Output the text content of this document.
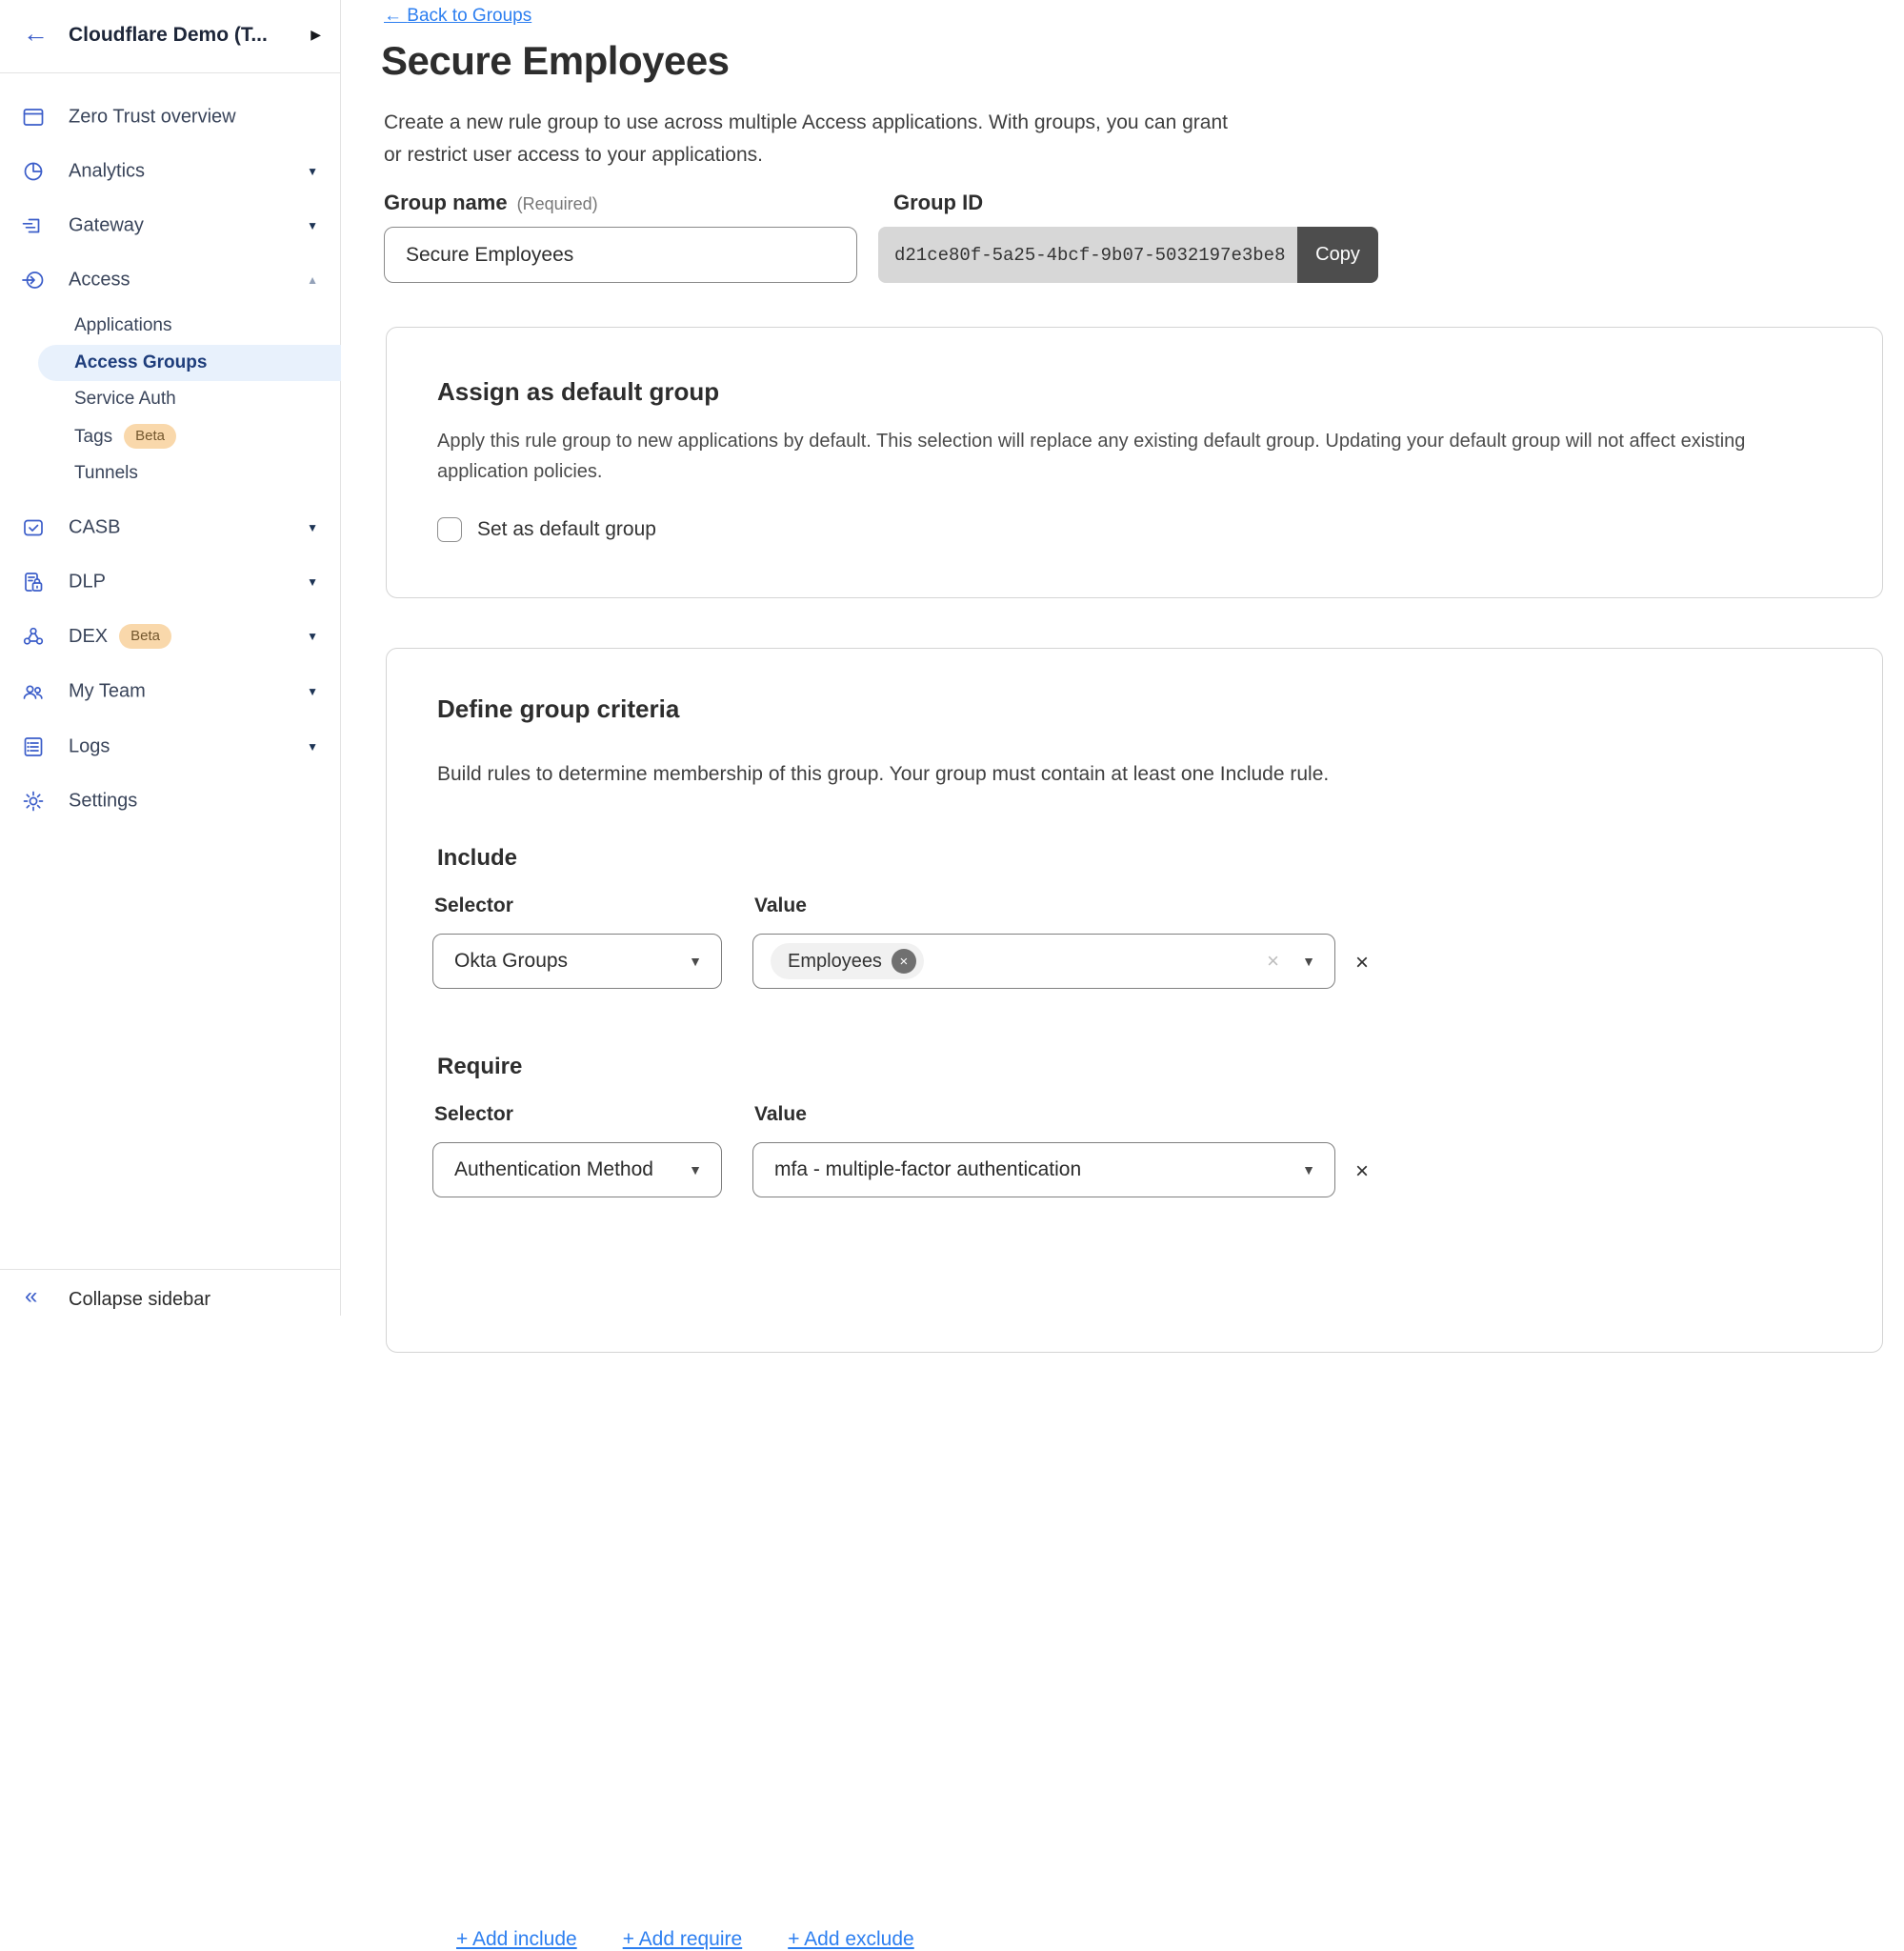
← Cloudflare Demo (T...	▶
Zero Trust overview
Analytics	▼
Gateway	▼
Access	▲
Applications
Access Groups
Service Auth
Tags Beta
Tunnels
CASB	▼
DLP	▼
DEX Beta	▼
My Team	▼
Logs	▼
Settings
« Collapse sidebar
← Back to Groups
Secure Employees
Create a new rule group to use across multiple Access applications. With groups, you can grant
or restrict user access to your applications.
Group name (Required)
Secure Employees	Group ID
d21ce80f-5a25-4bcf-9b07-5032197e3be8	Copy
Assign as default group
Apply this rule group to new applications by default. This selection will replace any existing default group. Updating your default group will not affect existing
application policies.
Set as default group
Define group criteria
Build rules to determine membership of this group. Your group must contain at least one Include rule.
Include
Selector	Value
Okta Groups	▼	Employees	×	× ▼ ×
Require
Selector	Value
Authentication Method	▼	mfa - multiple-factor authentication	▼ ×
+ Add include + Add require + Add exclude
